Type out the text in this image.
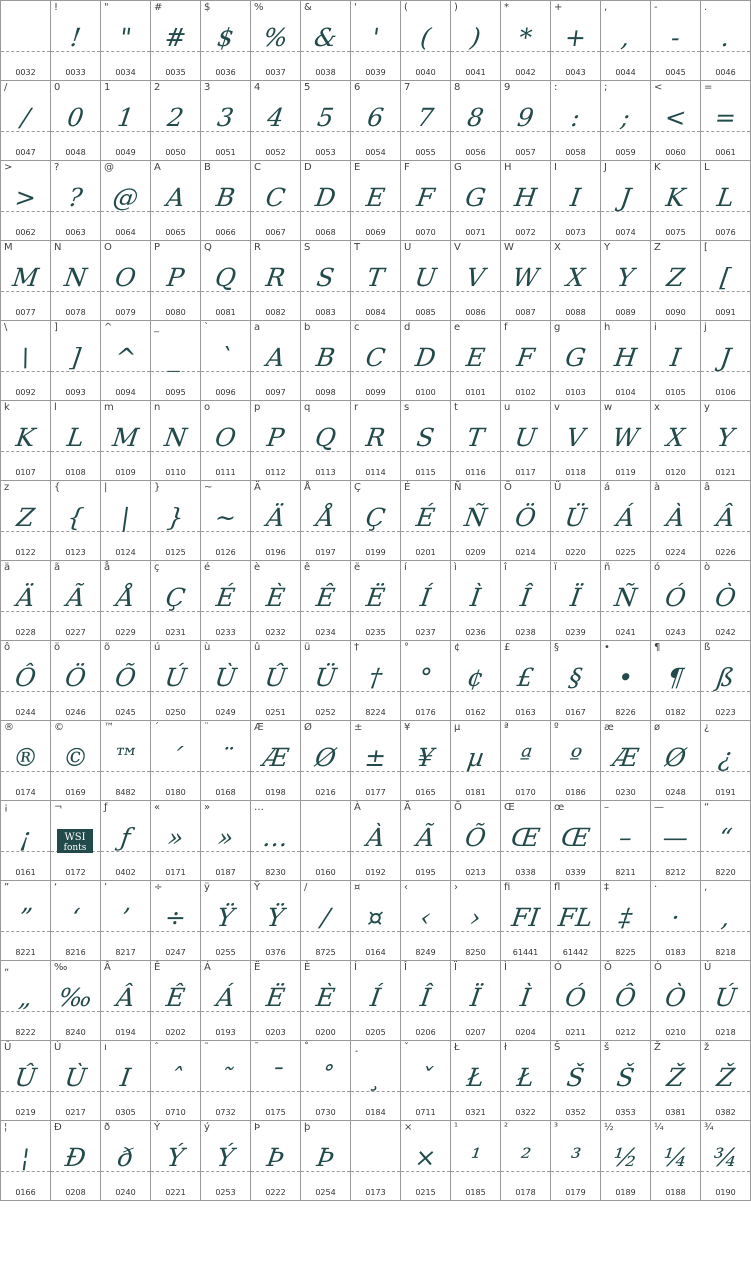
0032
!
!
0033
"
"
0034
#
#
0035
$
$
0036
%
%
0037
&
&
0038
'
'
0039
(
(
0040
)
)
0041
*
*
0042
+
+
0043
,
,
0044
-
-
0045
.
.
0046
/
/
0047
0
0
0048
1
1
0049
2
2
0050
3
3
0051
4
4
0052
5
5
0053
6
6
0054
7
7
0055
8
8
0056
9
9
0057
:
:
0058
;
;
0059
<
<
0060
=
=
0061
>
>
0062
?
?
0063
@
@
0064
A
A
0065
B
B
0066
C
C
0067
D
D
0068
E
E
0069
F
F
0070
G
G
0071
H
H
0072
I
I
0073
J
J
0074
K
K
0075
L
L
0076
M
M
0077
N
N
0078
O
O
0079
P
P
0080
Q
Q
0081
R
R
0082
S
S
0083
T
T
0084
U
U
0085
V
V
0086
W
W
0087
X
X
0088
Y
Y
0089
Z
Z
0090
[
[
0091
\
\
0092
]
]
0093
^
^
0094
_
_
0095
`
`
0096
a
A
0097
b
B
0098
c
C
0099
d
D
0100
e
E
0101
f
F
0102
g
G
0103
h
H
0104
i
I
0105
j
J
0106
k
K
0107
l
L
0108
m
M
0109
n
N
0110
o
O
0111
p
P
0112
q
Q
0113
r
R
0114
s
S
0115
t
T
0116
u
U
0117
v
V
0118
w
W
0119
x
X
0120
y
Y
0121
z
Z
0122
{
{
0123
|
|
0124
}
}
0125
~
~
0126
Ä
Ä
0196
Å
Å
0197
Ç
Ç
0199
É
É
0201
Ñ
Ñ
0209
Ö
Ö
0214
Ü
Ü
0220
á
Á
0225
à
À
0224
â
Â
0226
ä
Ä
0228
ã
Ã
0227
å
Å
0229
ç
Ç
0231
é
É
0233
è
È
0232
ê
Ê
0234
ë
Ë
0235
í
Í
0237
ì
Ì
0236
î
Î
0238
ï
Ï
0239
ñ
Ñ
0241
ó
Ó
0243
ò
Ò
0242
ô
Ô
0244
ö
Ö
0246
õ
Õ
0245
ú
Ú
0250
ù
Ù
0249
û
Û
0251
ü
Ü
0252
†
†
8224
°
°
0176
¢
¢
0162
£
£
0163
§
§
0167
•
•
8226
¶
¶
0182
ß
ß
0223
®
®
0174
©
©
0169
™
™
8482
´
´
0180
¨
¨
0168
Æ
Æ
0198
Ø
Ø
0216
±
±
0177
¥
¥
0165
µ
µ
0181
ª
ª
0170
º
º
0186
æ
Æ
0230
ø
Ø
0248
¿
¿
0191
¡
¡
0161
¬
WSI
fonts
0172
ƒ
ƒ
0402
«
»
0171
»
»
0187
…
…
8230	0160
À
À
0192
Ã
Ã
0195
Õ
Õ
0213
Œ
Œ
0338
œ
Œ
0339
–
–
8211
—
—
8212
“
“
8220
”
”
8221
‘
‘
8216
’
’
8217
÷
÷
0247
ÿ
Ÿ
0255
Ÿ
Ÿ
0376
/
/
8725
¤
¤
0164
‹
‹
8249
›
›
8250
ﬁ
FI
61441
ﬂ
FL
61442
‡
‡
8225
·
·
0183
‚
‚
8218
„
„
8222
‰
‰
8240
Â
Â
0194
Ê
Ê
0202
Á
Á
0193
Ë
Ë
0203
È
È
0200
Í
Í
0205
Î
Î
0206
Ï
Ï
0207
Ì
Ì
0204
Ó
Ó
0211
Ô
Ô
0212
Ò
Ò
0210
Ú
Ú
0218
Û
Û
0219
Ù
Ù
0217
ı
I
0305
ˆ
ˆ
0710
˜
˜
0732
¯
¯
0175
˚
˚
0730
¸
¸
0184
ˇ
ˇ
0711
Ł
Ł
0321
ł
Ł
0322
Š
Š
0352
š
Š
0353
Ž
Ž
0381
ž
Ž
0382
¦
¦
0166
Ð
Ð
0208
ð
ð
0240
Ý
Ý
0221
ý
Ý
0253
Þ
Þ
0222
þ
Þ
0254	0173
×
×
0215
¹
¹
0185
²
²
0178
³
³
0179
½
½
0189
¼
¼
0188
¾
¾
0190
